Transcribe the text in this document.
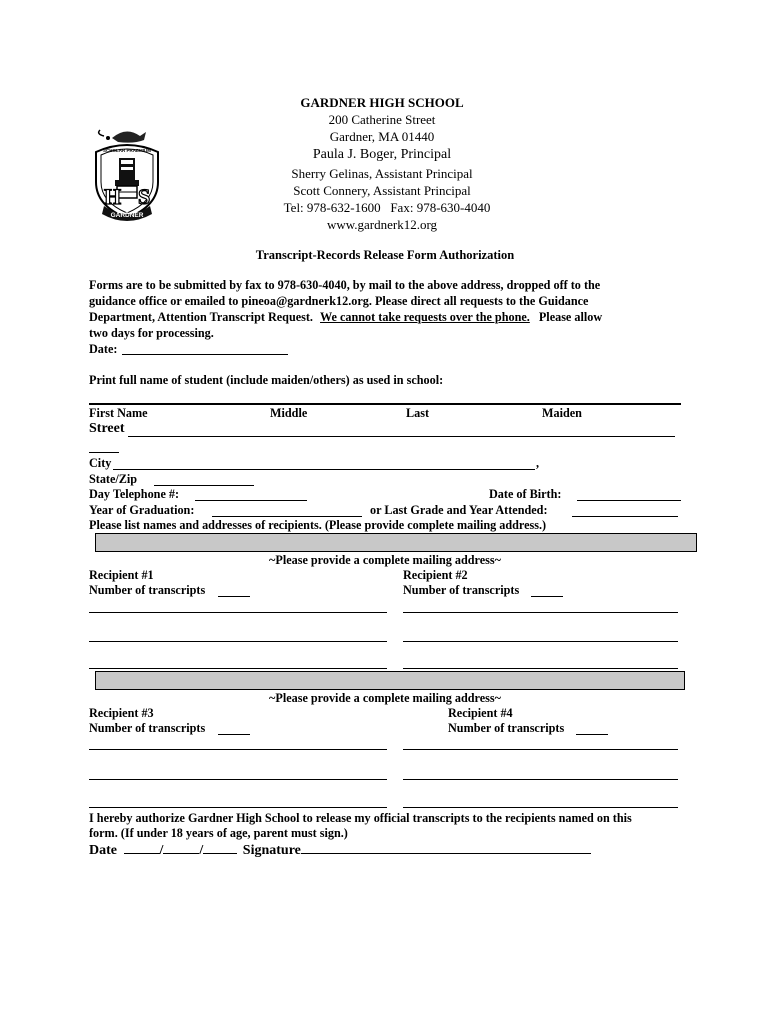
SCHOLAR PRAEMIUM
H S
GARDNER
GARDNER HIGH SCHOOL
200 Catherine Street
Gardner, MA 01440
Paula J. Boger, Principal
Sherry Gelinas, Assistant Principal
Scott Connery, Assistant Principal
Tel: 978-632-1600   Fax: 978-630-4040
www.gardnerk12.org
Transcript-Records Release Form Authorization
Forms are to be submitted by fax to 978-630-4040, by mail to the above address, dropped off to the
guidance office or emailed to pineoa@gardnerk12.org. Please direct all requests to the Guidance
Department, Attention Transcript Request. We cannot take requests over the phone. Please allow
two days for processing.
Date:
Print full name of student (include maiden/others) as used in school:
First Name	Middle	Last	Maiden
Street
City	,
State/Zip
Day Telephone #:	Date of Birth:
Year of Graduation:	or Last Grade and Year Attended:
Please list names and addresses of recipients. (Please provide complete mailing address.)
~Please provide a complete mailing address~
Recipient #1	Recipient #2
Number of transcripts	Number of transcripts
~Please provide a complete mailing address~
Recipient #3	Recipient #4
Number of transcripts	Number of transcripts
I hereby authorize Gardner High School to release my official transcripts to the recipients named on this
form. (If under 18 years of age, parent must sign.)
Date	/	/	Signature
